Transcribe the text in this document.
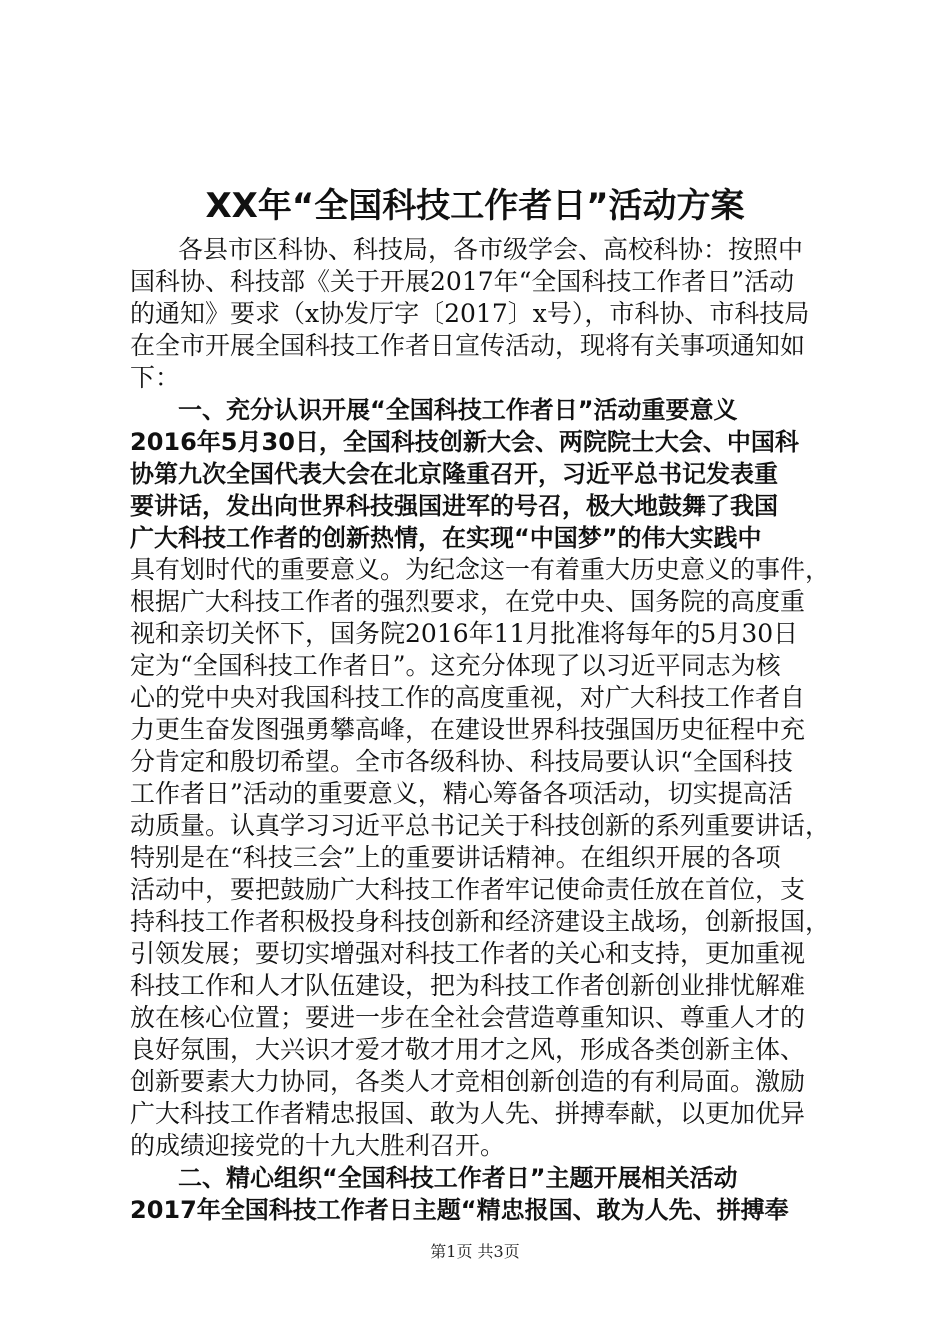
XX年“全国科技工作者日”活动方案
各县市区科协、科技局，各市级学会、高校科协：按照中
国科协、科技部《关于开展2017年“全国科技工作者日”活动
的通知》要求（x协发厅字〔2017〕x号），市科协、市科技局
在全市开展全国科技工作者日宣传活动，现将有关事项通知如
下：
一、充分认识开展“全国科技工作者日”活动重要意义
2016年5月30日，全国科技创新大会、两院院士大会、中国科
协第九次全国代表大会在北京隆重召开，习近平总书记发表重
要讲话，发出向世界科技强国进军的号召，极大地鼓舞了我国
广大科技工作者的创新热情，在实现“中国梦”的伟大实践中
具有划时代的重要意义。为纪念这一有着重大历史意义的事件，
根据广大科技工作者的强烈要求，在党中央、国务院的高度重
视和亲切关怀下，国务院2016年11月批准将每年的5月30日
定为“全国科技工作者日”。这充分体现了以习近平同志为核
心的党中央对我国科技工作的高度重视，对广大科技工作者自
力更生奋发图强勇攀高峰，在建设世界科技强国历史征程中充
分肯定和殷切希望。全市各级科协、科技局要认识“全国科技
工作者日”活动的重要意义，精心筹备各项活动，切实提高活
动质量。认真学习习近平总书记关于科技创新的系列重要讲话，
特别是在“科技三会”上的重要讲话精神。在组织开展的各项
活动中，要把鼓励广大科技工作者牢记使命责任放在首位，支
持科技工作者积极投身科技创新和经济建设主战场，创新报国，
引领发展；要切实增强对科技工作者的关心和支持，更加重视
科技工作和人才队伍建设，把为科技工作者创新创业排忧解难
放在核心位置；要进一步在全社会营造尊重知识、尊重人才的
良好氛围，大兴识才爱才敬才用才之风，形成各类创新主体、
创新要素大力协同，各类人才竞相创新创造的有利局面。激励
广大科技工作者精忠报国、敢为人先、拼搏奉献，以更加优异
的成绩迎接党的十九大胜利召开。
二、精心组织“全国科技工作者日”主题开展相关活动
2017年全国科技工作者日主题“精忠报国、敢为人先、拼搏奉
第1页 共3页
